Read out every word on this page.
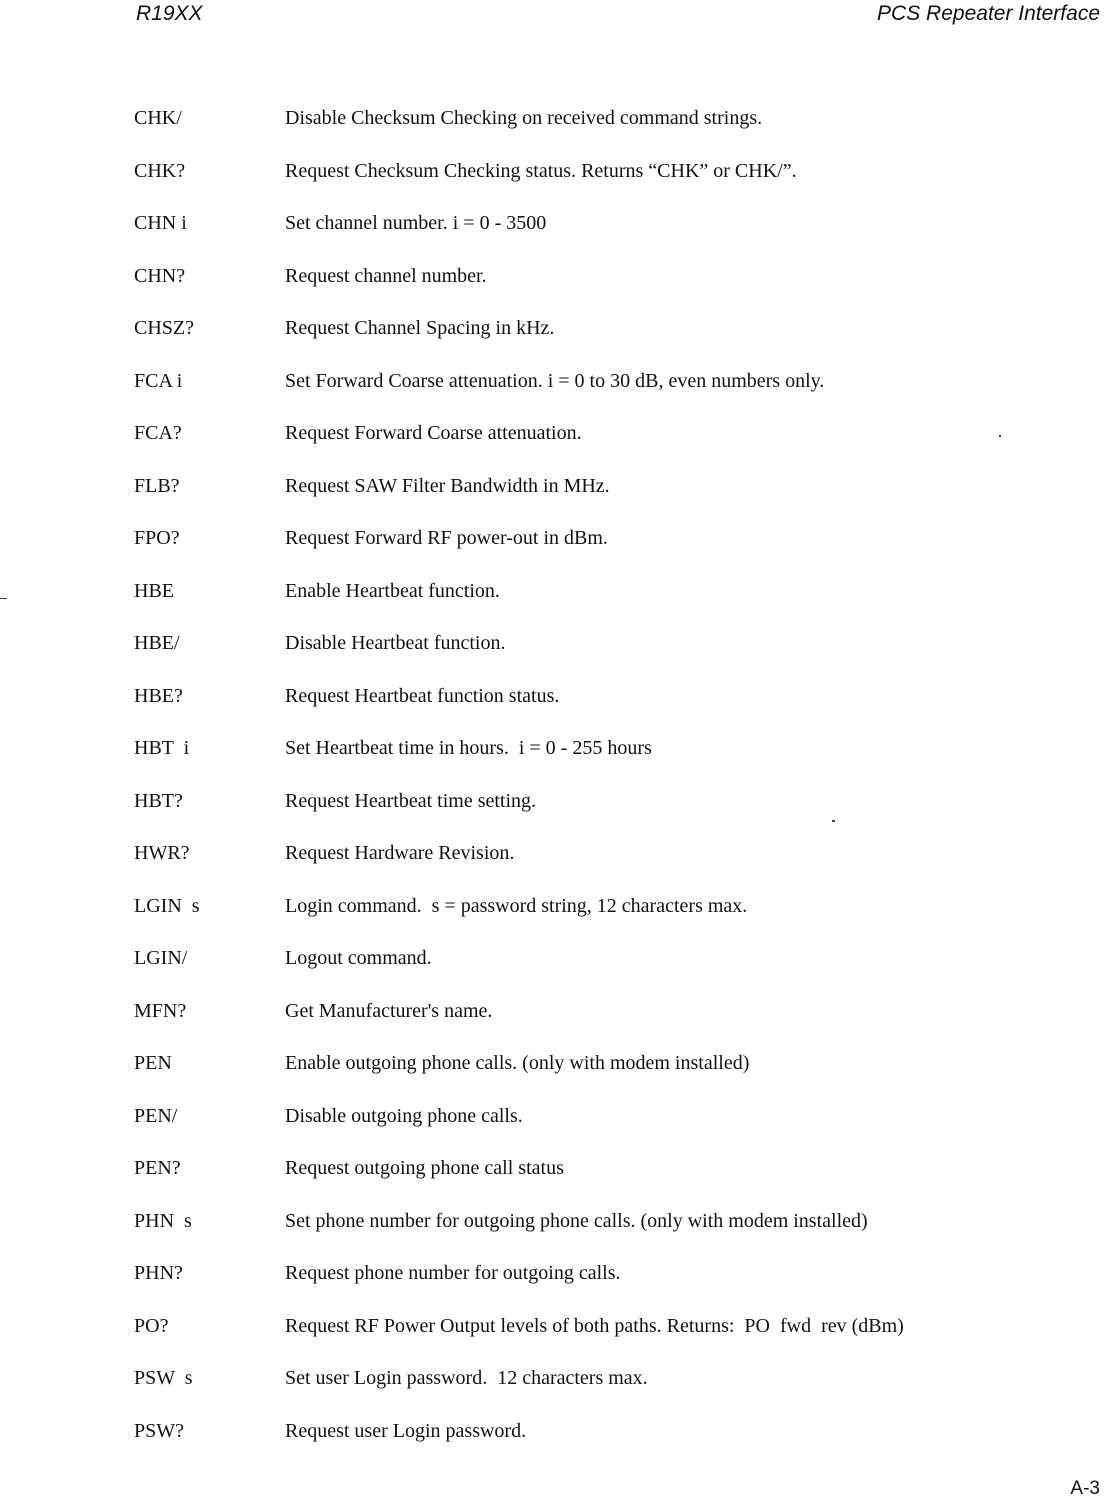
R19XX	PCS Repeater Interface
CHK/	Disable Checksum Checking on received command strings.
CHK?	Request Checksum Checking status. Returns “CHK” or CHK/”.
CHN i	Set channel number. i = 0 - 3500
CHN?	Request channel number.
CHSZ?	Request Channel Spacing in kHz.
FCA i	Set Forward Coarse attenuation. i = 0 to 30 dB, even numbers only.
FCA?	Request Forward Coarse attenuation.
FLB?	Request SAW Filter Bandwidth in MHz.
FPO?	Request Forward RF power-out in dBm.
HBE	Enable Heartbeat function.
HBE/	Disable Heartbeat function.
HBE?	Request Heartbeat function status.
HBT  i	Set Heartbeat time in hours.  i = 0 - 255 hours
HBT?	Request Heartbeat time setting.
HWR?	Request Hardware Revision.
LGIN  s	Login command.  s = password string, 12 characters max.
LGIN/	Logout command.
MFN?	Get Manufacturer's name.
PEN	Enable outgoing phone calls. (only with modem installed)
PEN/	Disable outgoing phone calls.
PEN?	Request outgoing phone call status
PHN  s	Set phone number for outgoing phone calls. (only with modem installed)
PHN?	Request phone number for outgoing calls.
PO?	Request RF Power Output levels of both paths. Returns:  PO  fwd  rev (dBm)
PSW  s	Set user Login password.  12 characters max.
PSW?	Request user Login password.
A-3
